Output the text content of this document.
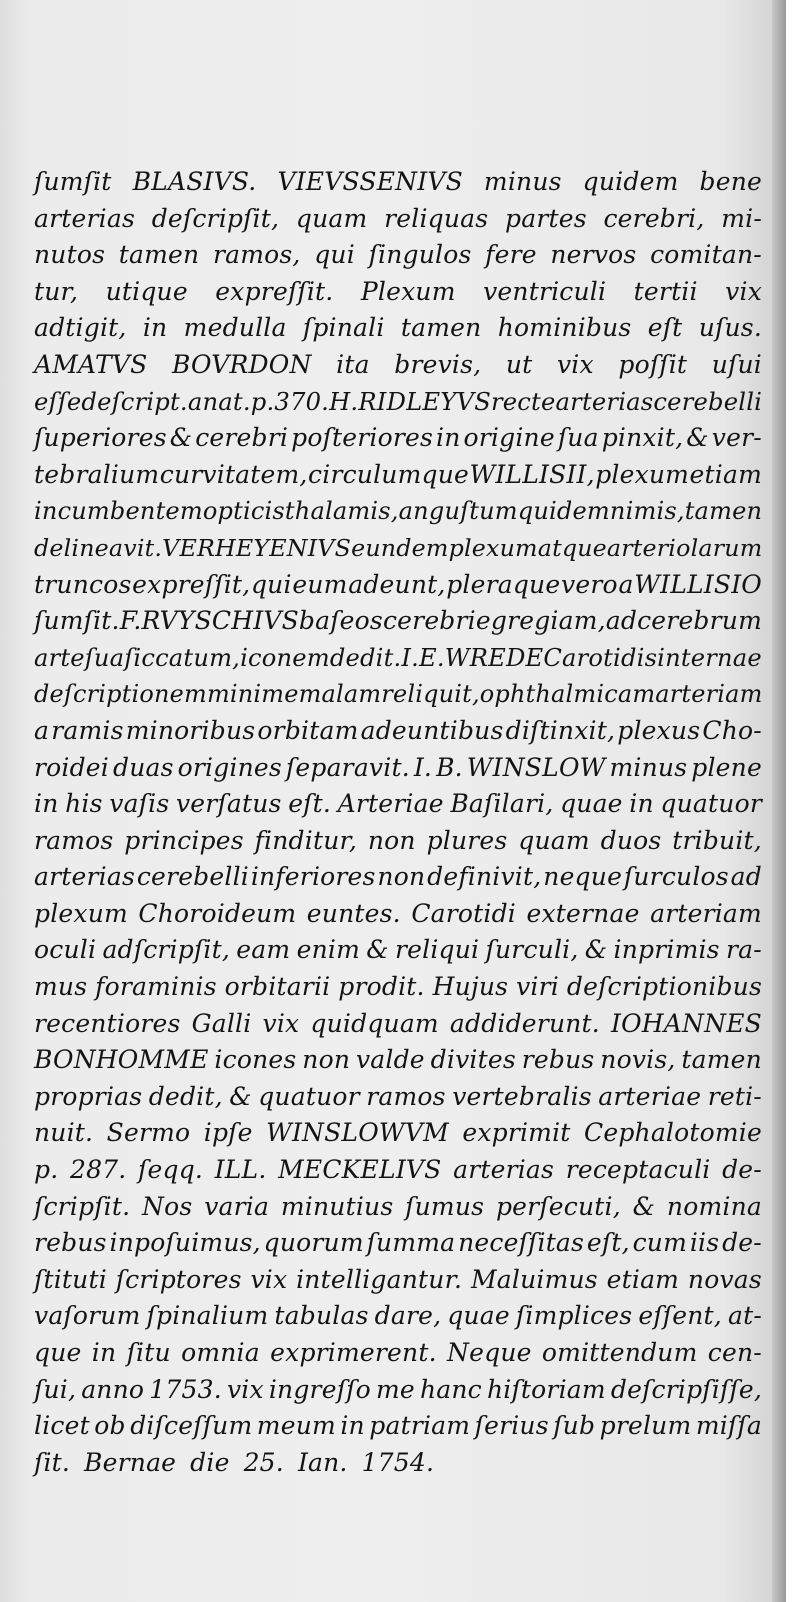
ſumſit BLASIVS. VIEVSSENIVS minus quidem bene
arterias deſcripſit, quam reliquas partes cerebri, mi-
nutos tamen ramos, qui ſingulos fere nervos comitan-
tur, utique expreſſit. Plexum ventriculi tertii vix
adtigit, in medulla ſpinali tamen hominibus eſt uſus.
AMATVS BOVRDON ita brevis, ut vix poſſit uſui
eſſe deſcript. anat. p. 370. H. RIDLEYVS recte arterias cerebelli
ſuperiores & cerebri poſteriores in origine ſua pinxit, & ver-
tebralium curvitatem, circulumque WILLISII, plexum etiam
incumbentem opticis thalamis, anguſtum quidem nimis, tamen
delineavit. VERHEYENIVS eundem plexum atque arteriolarum
truncos expreſſit, qui eum adeunt, pleraque vero a WILLISIO
ſumſit. F. RVYSCHIVS baſeos cerebri egregiam, ad cerebrum
arte ſua ſiccatum, iconem dedit. I. E. WREDE Carotidis internae
deſcriptionem minime malam reliquit, ophthalmicam arteriam
a ramis minoribus orbitam adeuntibus diſtinxit, plexus Cho-
roidei duas origines ſeparavit. I. B. WINSLOW minus plene
in his vaſis verſatus eſt. Arteriae Baſilari, quae in quatuor
ramos principes finditur, non plures quam duos tribuit,
arterias cerebelli inferiores non definivit, neque ſurculos ad
plexum Choroideum euntes. Carotidi externae arteriam
oculi adſcripſit, eam enim & reliqui ſurculi, & inprimis ra-
mus foraminis orbitarii prodit. Hujus viri deſcriptionibus
recentiores Galli vix quidquam addiderunt. IOHANNES
BONHOMME icones non valde divites rebus novis, tamen
proprias dedit, & quatuor ramos vertebralis arteriae reti-
nuit. Sermo ipſe WINSLOWVM exprimit Cephalotomie
p. 287. ſeqq. ILL. MECKELIVS arterias receptaculi de-
ſcripſit. Nos varia minutius ſumus perſecuti, & nomina
rebus inpoſuimus, quorum ſumma neceſſitas eſt, cum iis de-
ſtituti ſcriptores vix intelligantur. Maluimus etiam novas
vaſorum ſpinalium tabulas dare, quae ſimplices eſſent, at-
que in ſitu omnia exprimerent. Neque omittendum cen-
ſui, anno 1753. vix ingreſſo me hanc hiſtoriam deſcripſiſſe,
licet ob diſceſſum meum in patriam ſerius ſub prelum miſſa
ſit. Bernae die 25. Ian. 1754.
